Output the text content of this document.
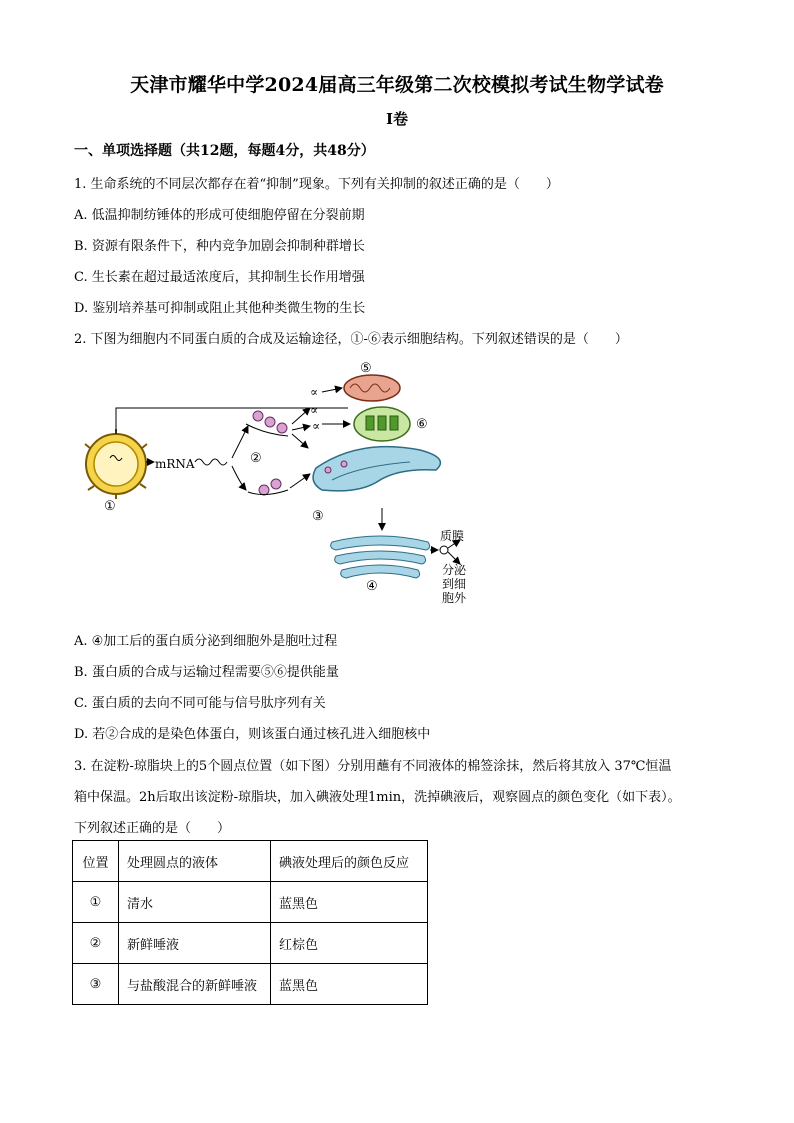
天津市耀华中学2024届高三年级第二次校模拟考试生物学试卷
I卷
一、单项选择题（共12题，每题4分，共48分）
1. 生命系统的不同层次都存在着“抑制”现象。下列有关抑制的叙述正确的是（　　）
A. 低温抑制纺锤体的形成可使细胞停留在分裂前期
B. 资源有限条件下，种内竞争加剧会抑制种群增长
C. 生长素在超过最适浓度后，其抑制生长作用增强
D. 鉴别培养基可抑制或阻止其他种类微生物的生长
2. 下图为细胞内不同蛋白质的合成及运输途径，①-⑥表示细胞结构。下列叙述错误的是（　　）
①
mRNA	②
∝
∝
∝
⑤
⑥
③
④
质膜
分泌
到细
胞外
A. ④加工后的蛋白质分泌到细胞外是胞吐过程
B. 蛋白质的合成与运输过程需要⑤⑥提供能量
C. 蛋白质的去向不同可能与信号肽序列有关
D. 若②合成的是染色体蛋白，则该蛋白通过核孔进入细胞核中
3. 在淀粉-琼脂块上的5个圆点位置（如下图）分别用蘸有不同液体的棉签涂抹，然后将其放入 37℃恒温
箱中保温。2h后取出该淀粉-琼脂块，加入碘液处理1min，洗掉碘液后，观察圆点的颜色变化（如下表）。
下列叙述正确的是（　　）
位置	处理圆点的液体	碘液处理后的颜色反应
①	清水	蓝黑色
②	新鲜唾液	红棕色
③	与盐酸混合的新鲜唾液	蓝黑色
